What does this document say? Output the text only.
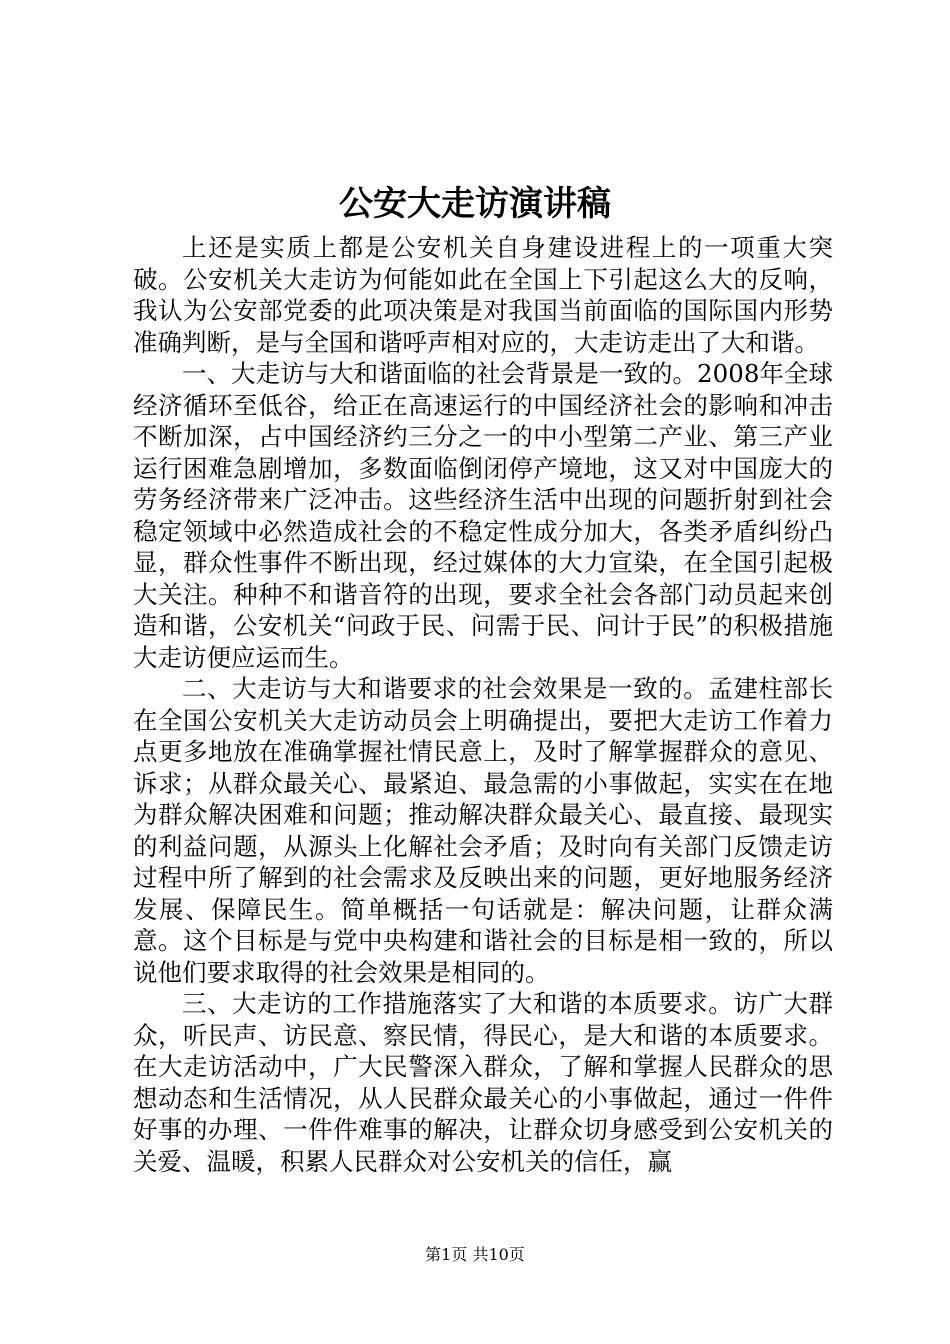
公安大走访演讲稿

上还是实质上都是公安机关自身建设进程上的一项重大突破。公安机关大走访为何能如此在全国上下引起这么大的反响，我认为公安部党委的此项决策是对我国当前面临的国际国内形势准确判断，是与全国和谐呼声相对应的，大走访走出了大和谐。

一、大走访与大和谐面临的社会背景是一致的。2008年全球经济循环至低谷，给正在高速运行的中国经济社会的影响和冲击不断加深，占中国经济约三分之一的中小型第二产业、第三产业运行困难急剧增加，多数面临倒闭停产境地，这又对中国庞大的劳务经济带来广泛冲击。这些经济生活中出现的问题折射到社会稳定领域中必然造成社会的不稳定性成分加大，各类矛盾纠纷凸显，群众性事件不断出现，经过媒体的大力宣染，在全国引起极大关注。种种不和谐音符的出现，要求全社会各部门动员起来创造和谐，公安机关“问政于民、问需于民、问计于民”的积极措施大走访便应运而生。

二、大走访与大和谐要求的社会效果是一致的。孟建柱部长在全国公安机关大走访动员会上明确提出，要把大走访工作着力点更多地放在准确掌握社情民意上，及时了解掌握群众的意见、诉求；从群众最关心、最紧迫、最急需的小事做起，实实在在地为群众解决困难和问题；推动解决群众最关心、最直接、最现实的利益问题，从源头上化解社会矛盾；及时向有关部门反馈走访过程中所了解到的社会需求及反映出来的问题，更好地服务经济发展、保障民生。简单概括一句话就是：解决问题，让群众满意。这个目标是与党中央构建和谐社会的目标是相一致的，所以说他们要求取得的社会效果是相同的。

三、大走访的工作措施落实了大和谐的本质要求。访广大群众，听民声、访民意、察民情，得民心，是大和谐的本质要求。在大走访活动中，广大民警深入群众，了解和掌握人民群众的思想动态和生活情况，从人民群众最关心的小事做起，通过一件件好事的办理、一件件难事的解决，让群众切身感受到公安机关的关爱、温暖，积累人民群众对公安机关的信任，赢

第1页 共10页
